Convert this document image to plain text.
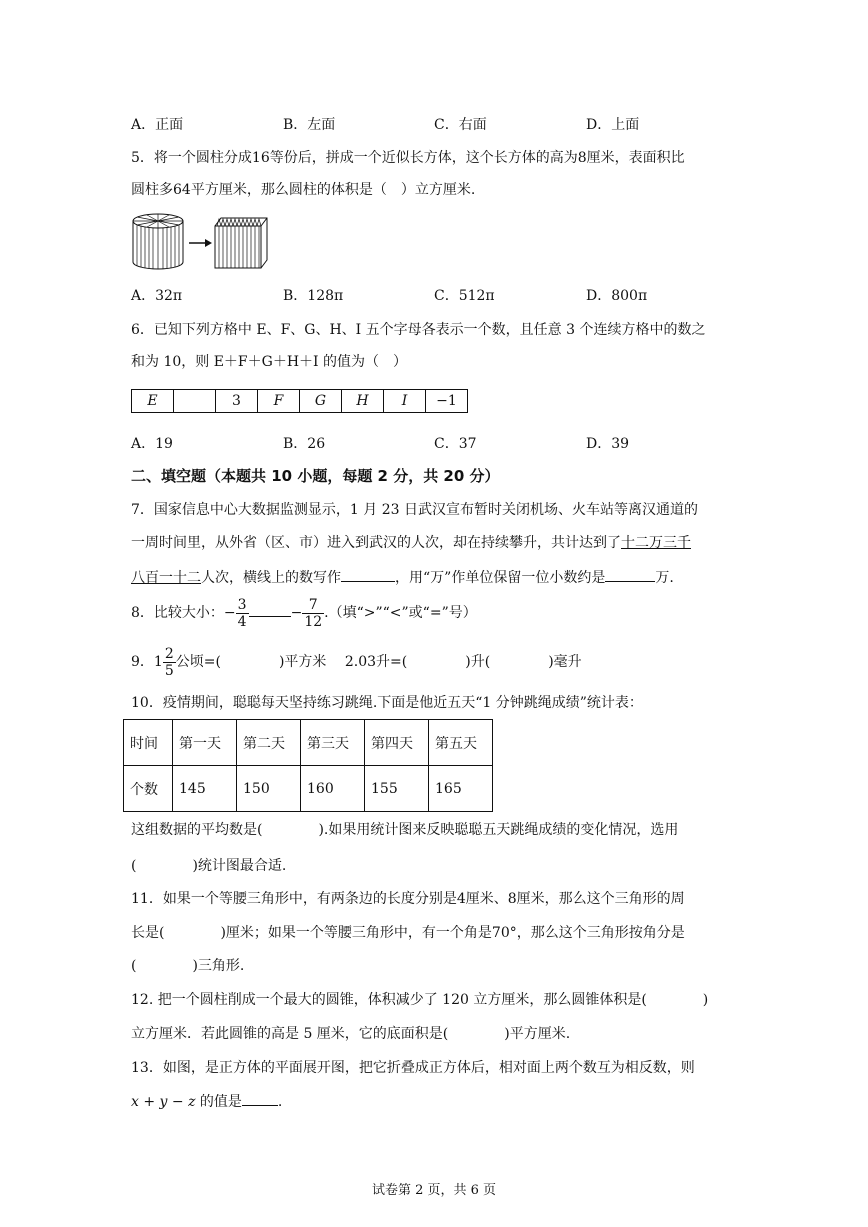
A．正面	B．左面	C．右面	D．上面
5．将一个圆柱分成16等份后，拼成一个近似长方体，这个长方体的高为8厘米，表面积比
圆柱多64平方厘米，那么圆柱的体积是（　）立方厘米.
A．32π	B．128π	C．512π	D．800π
6．已知下列方格中 E、F、G、H、I 五个字母各表示一个数，且任意 3 个连续方格中的数之
和为 10，则 E＋F＋G＋H＋I 的值为（　）
E		3	F	G	H	I	−1
A．19	B．26	C．37	D．39
二、填空题（本题共 10 小题，每题 2 分，共 20 分）
7．国家信息中心大数据监测显示，1 月 23 日武汉宣布暂时关闭机场、火车站等离汉通道的
一周时间里，从外省（区、市）进入到武汉的人次，却在持续攀升，共计达到了十二万三千
八百一十二人次，横线上的数写作	，用“万”作单位保留一位小数约是	万.
8．比较大小：− $\frac{3}{4}$	− $\frac{7}{12}$ .（填“>”“<”或“=”号）
9．$1 \frac{2}{5}$ 公顷=(	)平方米　 2.03升=(	)升(	)毫升
10．疫情期间，聪聪每天坚持练习跳绳.下面是他近五天“1 分钟跳绳成绩”统计表：
时间	第一天	第二天	第三天	第四天	第五天
个数	145	150	160	155	165
这组数据的平均数是(　　　　).如果用统计图来反映聪聪五天跳绳成绩的变化情况，选用
(　　　　)统计图最合适.
11．如果一个等腰三角形中，有两条边的长度分别是4厘米、8厘米，那么这个三角形的周
长是(　　　　)厘米；如果一个等腰三角形中，有一个角是70°，那么这个三角形按角分是
(　　　　)三角形.
12. 把一个圆柱削成一个最大的圆锥，体积减少了 120 立方厘米，那么圆锥体积是(　　　　)
立方厘米．若此圆锥的高是 5 厘米，它的底面积是(　　　　)平方厘米.
13．如图，是正方体的平面展开图，把它折叠成正方体后，相对面上两个数互为相反数，则
x + y − z 的值是	.
试卷第 2 页，共 6 页
